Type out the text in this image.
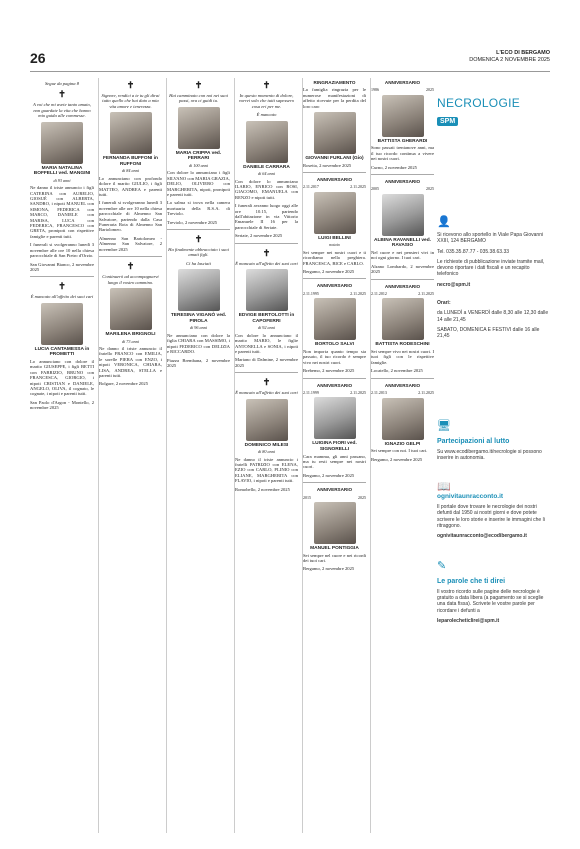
26	L'ECO DI BERGAMO
DOMENICA 2 NOVEMBRE 2025
Segue da pagina 8
✝
A voi che mi avete tanto amato, non guardate la vita che hanno mio guida alle commesse.
MARIA NATALINA BOFFELLI ved. MANGINI
di 93 anni
Ne danno il triste annuncio i figli CATERINA con AURELIO, GIOSUÈ con ALBERTA, SANDRO, i nipoti MANUEL con SIMONA, FEDERICA con MARCO, DANIELE con MARISA, LUCA con FEDERICA, FRANCESCO con GRETA, pronipoti con rispettive famiglie e parenti tutti.
I funerali si svolgeranno lunedì 3 novembre alle ore 10 nella chiesa parrocchiale di San Pietro d'Orzio.
San Giovanni Bianco, 2 novembre 2025
✝
È mancato all'affetto dei suoi cari
LUCIA CANTAMESSA in PROMETTI
Lo annunciano con dolore il marito GIUSEPPE, i figli BETTI con FABRIZIO, BRUNO con FRANCESCA, GIORGIO, i nipoti CRISTIAN e DANIELE, ANGELO, OLIVA, il cognato, le cognate, i nipoti e parenti tutti.
San Paolo d'Argon - Montello, 2 novembre 2025
✝
Signore, rendici a te tu gli dirai tutto quello che hai dato a mia vita amore e tenerezza.
FERNANDA BUFFONI in RUFFONI
di 84 anni
Lo annunciano con profondo dolore il marito GIULIO, i figli MATTEO, ANDREA e parenti tutti.
I funerali si svolgeranno lunedì 3 novembre alle ore 10 nella chiesa parrocchiale di Almenno San Salvatore, partendo dalla Casa Funeraria Rota di Almenno San Bartolomeo.
Almenno San Bartolomeo - Almenno San Salvatore, 2 novembre 2025
✝
Continuerò ad accompagnarvi lungo il vostro cammino.
MARILENA BRIGNOLI
di 73 anni
Ne danno il triste annuncio il fratello FRANCO con EMILIA, le sorelle PIERA con ENZO, i nipoti VERONICA, CHIARA, LISA, ANDREA, STELLA e parenti tutti.
Bolgare, 2 novembre 2025
✝
Hai camminato con noi nei suoi passi, ora ci guidi tu.
MARIA CRIPPA ved. FERRARI
di 100 anni
Con dolore lo annunciano i figli SILVANO con MARIA GRAZIA, DELIO, OLIVIERO con MARGHERITA, nipoti, pronipoti e parenti tutti.
La salma si trova nella camera mortuaria della R.S.A. di Treviolo.
Treviolo, 2 novembre 2025
✝
Ha finalmente abbracciato i suoi amati figli.
Ci ha lasciati
TERESINA VIGANÒ ved. PIROLA
di 96 anni
Ne annunciano con dolore la figlia CHIARA con MASSIMO, i nipoti FEDERICO con DELIZIA e RICCARDO.
Piazza Brembana, 2 novembre 2025
✝
In questo momento di dolore, vorrei solo che tutti sapessero cosa eri per me.
È mancato
DANIELE CARRARA
di 64 anni
Con dolore lo annunciano ILARIO, ENRICO con ROSI, GIACOMO, EMANUELA con RENZO e nipoti tutti.
I funerali avranno luogo oggi alle ore 10.15, partendo dall'abitazione in via Vittorio Emanuele II 16 per la parrocchiale di Seriate.
Seriate, 2 novembre 2025
✝
È mancato all'affetto dei suoi cari
EDVIGE BERTOLOTTI in CAPOFERRI
di 92 anni
Con dolore lo annunciano il marito MARIO, le figlie ANTONELLA e SONIA, i nipoti e parenti tutti.
Mariano di Dalmine, 2 novembre 2025
✝
È mancato all'affetto dei suoi cari
DOMENICO MILESI
di 80 anni
Ne danno il triste annuncio i fratelli PATRIZIO con ELENA, EZIO con CARLO, PLINIO con ELIANE, MARGHERITA con FLAVIO, i nipoti e parenti tutti.
Romobello, 2 novembre 2025
RINGRAZIAMENTO
La famiglia ringrazia per le numerose manifestazioni di affetto ricevute per la perdita del loro caro
GIOVANNI FURLANI (Gio)
Rosetta, 2 novembre 2025
ANNIVERSARIO
2.11.2017	2.11.2025
LUIGI BELLINI
notaio
Sei sempre nei nostri cuori e ti ricordiamo nella preghiera. FRANCESCA, BICE e CARLO.
Bergamo, 2 novembre 2025
ANNIVERSARIO
2.11.1995	2.11.2025
BORTOLO SALVI
Non importa quanto tempo sia passato, il tuo ricordo è sempre vivo nei nostri cuori.
Brebemo, 2 novembre 2025
ANNIVERSARIO
2.11.1999	2.11.2025
LUIGINA FIORI ved. SIGNORELLI
Cara mamma, gli anni passano, ma tu resti sempre nei nostri cuori.
Bergamo, 2 novembre 2025
ANNIVERSARIO
2015	2025
MANUEL PONTIGGIA
Sei sempre nel cuore e nei ricordi dei tuoi cari.
Bergamo, 2 novembre 2025
ANNIVERSARIO
1986	2025
BATTISTA GHERARDI
Sono passati trentanove anni, ma il tuo ricordo continua a vivere nei nostri cuori.
Curno, 2 novembre 2025
ANNIVERSARIO
2005	2025
ALBINA RAVANELLI ved. RAVASIO
Nel cuore e nei pensieri vivi in noi ogni giorno. I tuoi cari.
Alzano Lombardo, 2 novembre 2025
ANNIVERSARIO
2.11.2012	2.11.2025
BATTISTA RODESCHINI
Sei sempre vivo nei nostri cuori. I tuoi figli con le rispettive famiglie.
Locatello, 2 novembre 2025
ANNIVERSARIO
2.11.2013	2.11.2025
IGNAZIO GELPI
Sei sempre con noi. I tuoi cari.
Bergamo, 2 novembre 2025
NECROLOGIE
SPM
👤
Si ricevono allo sportello in Viale Papa Giovanni XXIII, 124 BERGAMO
Tel. 035.35.87.77 - 035.38.63.33
Le richieste di pubblicazione inviate tramite mail, devono riportare i dati fiscali e un recapito telefonico
necro@spm.it
Orari:
da LUNEDÌ a VENERDÌ dalle 8,30 alle 12,30 dalle 14 alle 21,45
SABATO, DOMENICA E FESTIVI dalle 16 alle 21,45
🖥
Partecipazioni al lutto
Su www.ecodibergamo.it/necrologie si possono inserire in autonomia.
📖
ognivitaunracconto.it
Il portale dove trovare le necrologie dei nostri defunti dal 1950 ai nostri giorni e dove potete scrivere le loro storie e inserire le immagini che li ritraggono.
ognivitaunracconto@ecodibergamo.it
✎
Le parole che ti direi
Il vostro ricordo sulle pagine delle necrologie è gratuito a data libera (a pagamento se si sceglie una data fissa). Scrivete le vostre parole per ricordare i defunti a
leparolecheticlirei@spm.it
